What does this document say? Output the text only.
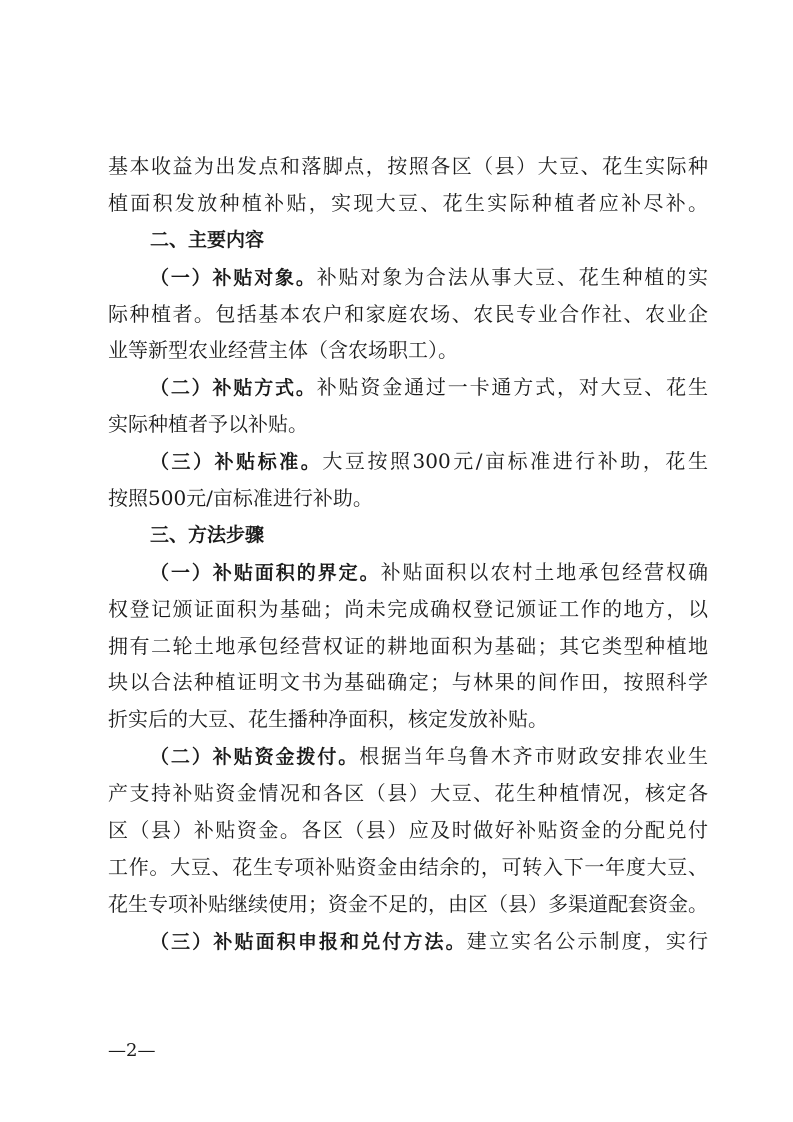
基本收益为出发点和落脚点，按照各区（县）大豆、花生实际种
植面积发放种植补贴，实现大豆、花生实际种植者应补尽补。
二、主要内容
（一）补贴对象。补贴对象为合法从事大豆、花生种植的实
际种植者。包括基本农户和家庭农场、农民专业合作社、农业企
业等新型农业经营主体（含农场职工）。
（二）补贴方式。补贴资金通过一卡通方式，对大豆、花生
实际种植者予以补贴。
（三）补贴标准。大豆按照300元/亩标准进行补助，花生
按照500元/亩标准进行补助。
三、方法步骤
（一）补贴面积的界定。补贴面积以农村土地承包经营权确
权登记颁证面积为基础；尚未完成确权登记颁证工作的地方，以
拥有二轮土地承包经营权证的耕地面积为基础；其它类型种植地
块以合法种植证明文书为基础确定；与林果的间作田，按照科学
折实后的大豆、花生播种净面积，核定发放补贴。
（二）补贴资金拨付。根据当年乌鲁木齐市财政安排农业生
产支持补贴资金情况和各区（县）大豆、花生种植情况，核定各
区（县）补贴资金。各区（县）应及时做好补贴资金的分配兑付
工作。大豆、花生专项补贴资金由结余的，可转入下一年度大豆、
花生专项补贴继续使用；资金不足的，由区（县）多渠道配套资金。
（三）补贴面积申报和兑付方法。建立实名公示制度，实行
—2—
